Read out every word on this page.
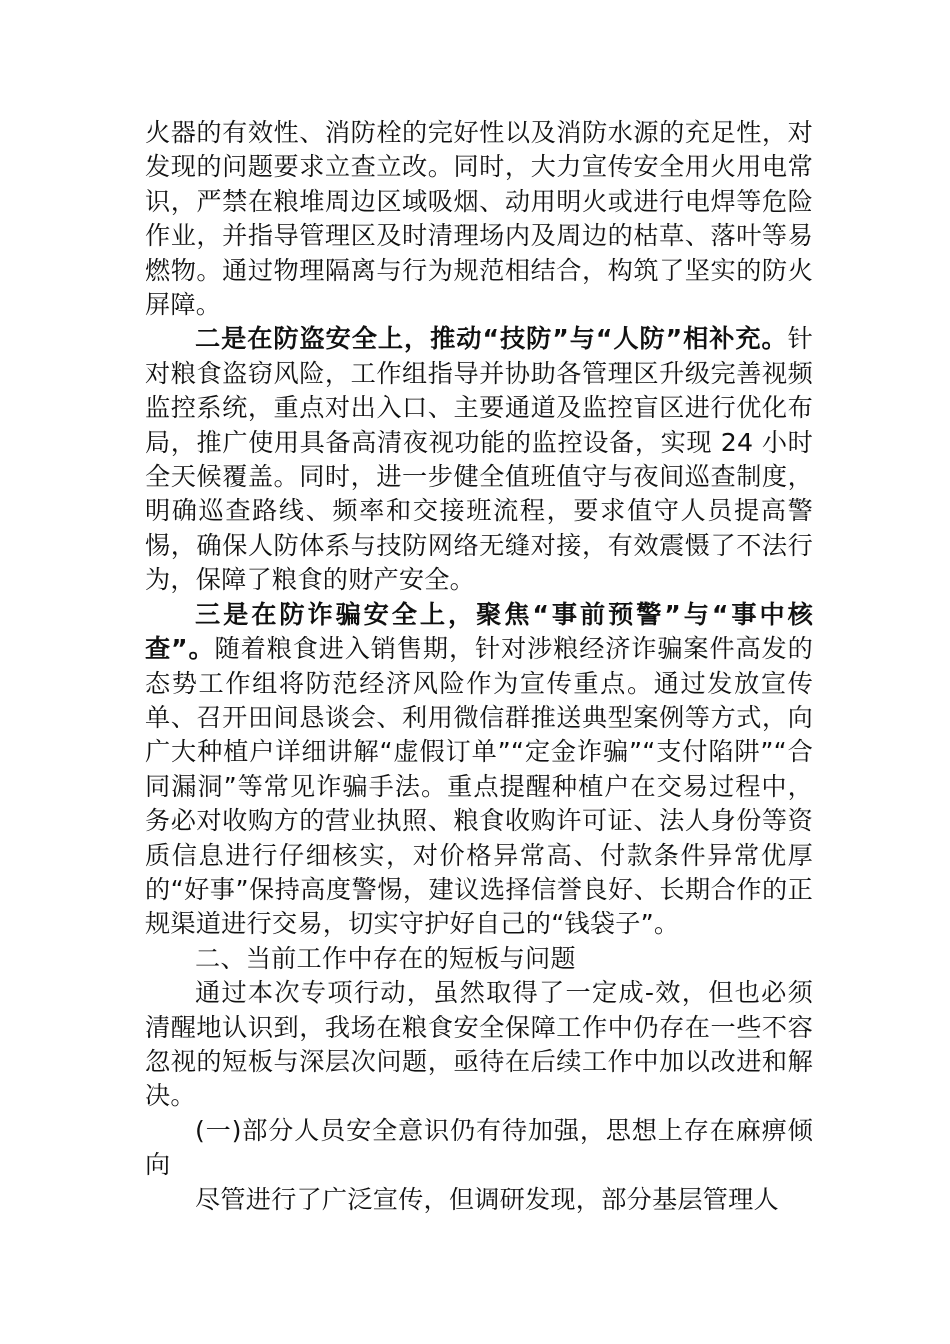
火器的有效性、消防栓的完好性以及消防水源的充足性，对发现的问题要求立查立改。同时，大力宣传安全用火用电常识，严禁在粮堆周边区域吸烟、动用明火或进行电焊等危险作业，并指导管理区及时清理场内及周边的枯草、落叶等易燃物。通过物理隔离与行为规范相结合，构筑了坚实的防火屏障。

二是在防盗安全上，推动“技防”与“人防”相补充。针对粮食盗窃风险，工作组指导并协助各管理区升级完善视频监控系统，重点对出入口、主要通道及监控盲区进行优化布局，推广使用具备高清夜视功能的监控设备，实现 24 小时全天候覆盖。同时，进一步健全值班值守与夜间巡查制度，明确巡查路线、频率和交接班流程，要求值守人员提高警惕，确保人防体系与技防网络无缝对接，有效震慑了不法行为，保障了粮食的财产安全。

三是在防诈骗安全上，聚焦“事前预警”与“事中核查”。随着粮食进入销售期，针对涉粮经济诈骗案件高发的态势工作组将防范经济风险作为宣传重点。通过发放宣传单、召开田间恳谈会、利用微信群推送典型案例等方式，向广大种植户详细讲解“虚假订单”“定金诈骗”“支付陷阱”“合同漏洞”等常见诈骗手法。重点提醒种植户在交易过程中，务必对收购方的营业执照、粮食收购许可证、法人身份等资质信息进行仔细核实，对价格异常高、付款条件异常优厚的“好事”保持高度警惕，建议选择信誉良好、长期合作的正规渠道进行交易，切实守护好自己的“钱袋子”。

二、当前工作中存在的短板与问题

通过本次专项行动，虽然取得了一定成-效，但也必须清醒地认识到，我场在粮食安全保障工作中仍存在一些不容忽视的短板与深层次问题，亟待在后续工作中加以改进和解决。

(一)部分人员安全意识仍有待加强，思想上存在麻痹倾向

尽管进行了广泛宣传，但调研发现，部分基层管理人
